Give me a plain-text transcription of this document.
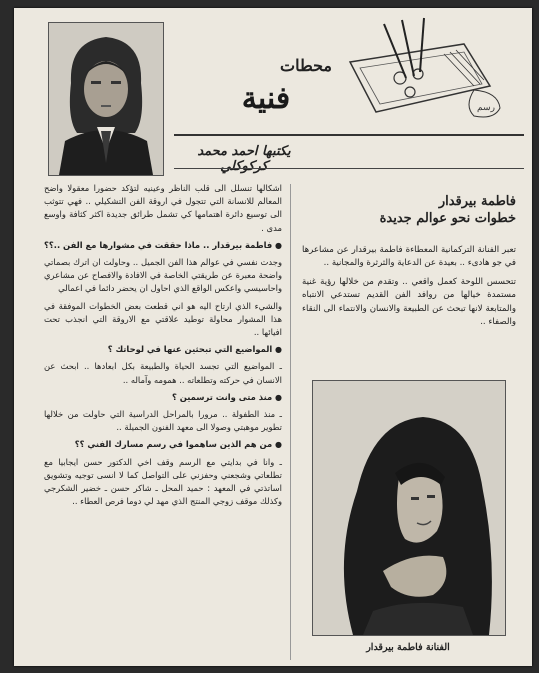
رسم
محطات
فنية
يكتبها احمد محمد كركوكلي
فاطمة بيرقدار
خطوات نحو عوالم جديدة

تعبر الفنانة التركمانية المعطاءة فاطمة بيرقدار عن مشاعرها في جو هادىء .. بعيدة عن الدعاية والثرثرة والمجانية ..

تتحسس اللوحة كعمل واقعي .. وتقدم من خلالها رؤية غنية مستمدة خيالها من روافد الفن القديم تستدعي الانتباه والمتابعة لانها تبحث عن الطبيعة والانسان والانتماء الى النقاء والصفاء ..

اشكالها تنسلل الى قلب الناظر وعينيه لتؤكد حضورا معقولا واضح المعالم للانسانة التي تتجول في اروقة الفن التشكيلي .. فهي تتوثب الى توسيع دائرة اهتمامها كي تشمل طرائق جديدة اكثر كثافة واوسع مدى .

● فاطمة بيرقدار .. ماذا حققت في مشوارها مع الفن ..؟؟

وجدت نفسي في عوالم هذا الفن الجميل .. وحاولت ان اترك بصماتي واضحة معبرة عن طريقتي الخاصة في الافادة والافصاح عن مشاعري واحاسيسي واعكس الواقع الذي احاول ان يحضر دائما في اعمالي

والشيء الذي ارتاح اليه هو اني قطعت بعض الخطوات الموفقة في هذا المشوار محاولة توطيد علاقتي مع الاروقة التي انجذب تحت افيائها ..

● المواضيع التي تبحثين عنها في لوحاتك ؟

ـ المواضيع التي تجسد الحياة والطبيعة بكل ابعادها .. ابحث عن الانسان في حركته وتطلعاته .. همومه وآماله ..

● منذ متى وانت ترسمين ؟

ـ منذ الطفولة .. مرورا بالمراحل الدراسية التي حاولت من خلالها تطوير موهبتي وصولا الى معهد الفنون الجميلة ..

● من هم الذين ساهموا في رسم مسارك الفني ؟؟

ـ وانا في بدايتي مع الرسم وقف اخي الدكتور حسن ايجابيا مع تطلعاتي وشجعني وحفزني على التواصل كما لا انسى توجيه وتشويق اساتذتي في المعهد : حميد المحل ـ شاكر حسن ـ خضير الشكرجي وكذلك موقف زوجي المنتج الذي مهد لي دوما فرص العطاء ..

الفنانة فاطمة بيرقدار
